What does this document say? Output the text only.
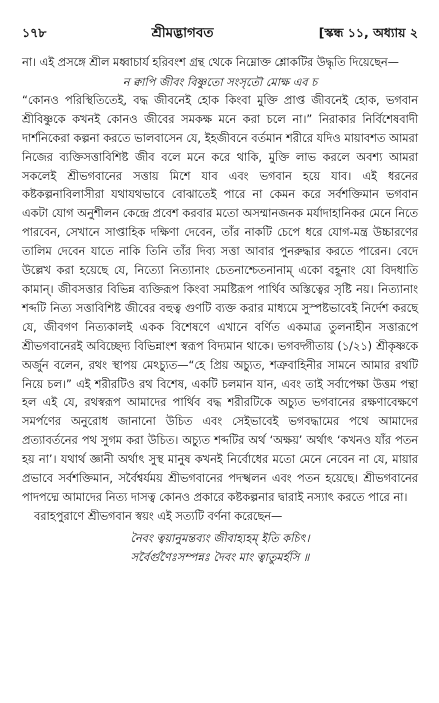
১৭৮	শ্রীমদ্ভাগবত	[স্কন্ধ ১১, অধ্যায় ২

না। এই প্রসঙ্গে শ্রীল মধ্বাচার্য হরিবংশ গ্রন্থ থেকে নিম্নোক্ত শ্লোকটির উদ্ধৃতি দিয়েছেন—

ন ক্বাপি জীবং বিষ্ণুতো সংসৃতৌ মোক্ষ এব চ

“কোনও পরিস্থিতিতেই, বদ্ধ জীবনেই হোক কিংবা মুক্তি প্রাপ্ত জীবনেই হোক, ভগবান শ্রীবিষ্ণুকে কখনই কোনও জীবের সমকক্ষ মনে করা চলে না।” নিরাকার নির্বিশেষবাদী দার্শনিকেরা কল্পনা করতে ভালবাসেন যে, ইহজীবনে বর্তমান শরীরে যদিও মায়াবশত আমরা নিজের ব্যক্তিসত্তাবিশিষ্ট জীব বলে মনে করে থাকি, মুক্তি লাভ করলে অবশ্য আমরা সকলেই শ্রীভগবানের সত্তায় মিশে যাব এবং ভগবান হয়ে যাব। এই ধরনের কষ্টকল্পনাবিলাসীরা যথাযথভাবে বোঝাতেই পারে না কেমন করে সর্বশক্তিমান ভগবান একটা যোগ অনুশীলন কেন্দ্রে প্রবেশ করবার মতো অসম্মানজনক মর্যাদাহানিকর মেনে নিতে পারবেন, সেখানে সাপ্তাহিক দক্ষিণা দেবেন, তাঁর নাকটি চেপে ধরে যোগ-মন্ত্র উচ্চারণের তালিম দেবেন যাতে নাকি তিনি তাঁর দিব্য সত্তা আবার পুনরুদ্ধার করতে পারেন। বেদে উল্লেখ করা হয়েছে যে, নিত্যো নিত্যানাং চেতনাশ্চেতনানাম্ একো বহূনাং যো বিদধাতি কামান্। জীবসত্তার বিভিন্ন ব্যক্তিরূপ কিংবা সমষ্টিরূপ পার্থিব অস্তিত্বের সৃষ্টি নয়। নিত্যানাং শব্দটি নিত্য সত্তাবিশিষ্ট জীবের বহুত্ব গুণটি ব্যক্ত করার মাধ্যমে সুস্পষ্টভাবেই নির্দেশ করছে যে, জীবগণ নিত্যকালই একক বিশেষণে এখানে বর্ণিত একমাত্র তুলনাহীন সত্তারূপে শ্রীভগবানেরই অবিচ্ছেদ্য বিভিন্নাংশ স্বরূপ বিদ্যমান থাকে। ভগবদ্গীতায় (১/২১) শ্রীকৃষ্ণকে অর্জুন বলেন, রথং স্থাপয় মেঽচ্যুত—“হে প্রিয় অচ্যুত, শত্রুবাহিনীর সামনে আমার রথটি নিয়ে চল।” এই শরীরটিও রথ বিশেষ, একটি চলমান যান, এবং তাই সর্বাপেক্ষা উত্তম পন্থা হল এই যে, রথস্বরূপ আমাদের পার্থিব বদ্ধ শরীরটিকে অচ্যুত ভগবানের রক্ষণাবেক্ষণে সমর্পণের অনুরোধ জানানো উচিত এবং সেইভাবেই ভগবদ্ধামের পথে আমাদের প্রত্যাবর্তনের পথ সুগম করা উচিত। অচ্যুত শব্দটির অর্থ ‘অক্ষয়’ অর্থাৎ ‘কখনও যাঁর পতন হয় না’। যথার্থ জ্ঞানী অর্থাৎ সুস্থ মানুষ কখনই নির্বোধের মতো মেনে নেবেন না যে, মায়ার প্রভাবে সর্বশক্তিমান, সর্বৈশ্বর্যময় শ্রীভগবানের পদস্খলন এবং পতন হয়েছে। শ্রীভগবানের পাদপদ্মে আমাদের নিত্য দাসত্ব কোনও প্রকারে কষ্টকল্পনার দ্বারাই নস্যাৎ করতে পারে না।

বরাহপুরাণে শ্রীভগবান স্বয়ং এই সত্যটি বর্ণনা করেছেন—

নৈবং ত্বয়ানুমন্তব্যং জীবাহ্যহম্ ইতি কচিৎ।

সর্বৈর্গুণৈঃসম্পন্নঃ দৈবং মাং ত্বাতুমর্হসি ॥
